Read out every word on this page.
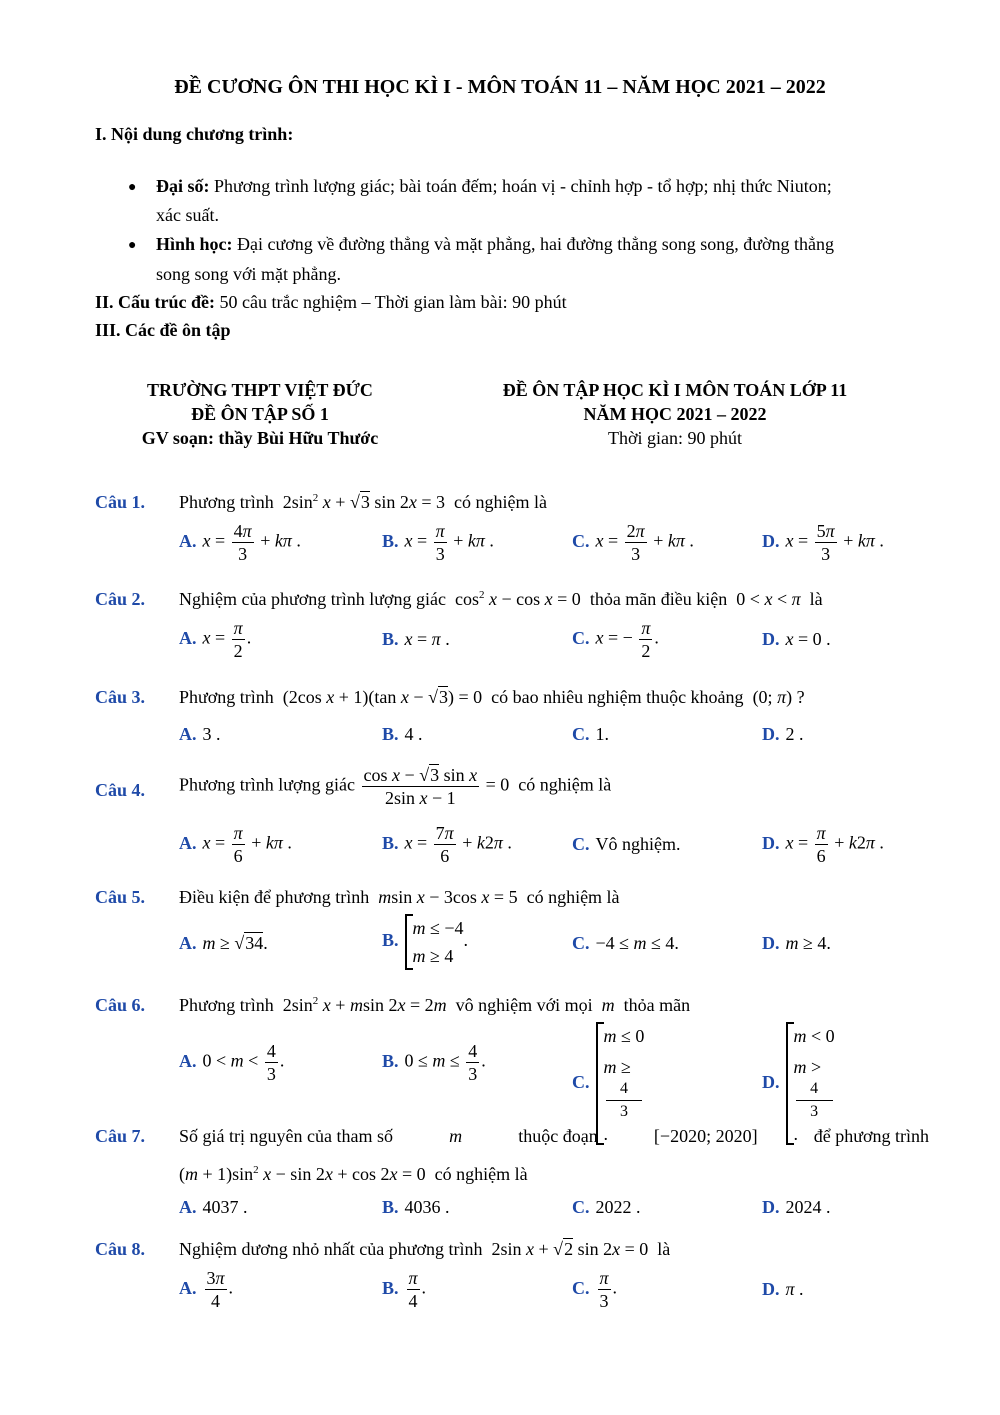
ĐỀ CƯƠNG ÔN THI HỌC KÌ I - MÔN TOÁN 11 – NĂM HỌC 2021 – 2022
I. Nội dung chương trình:
● Đại số: Phương trình lượng giác; bài toán đếm; hoán vị - chỉnh hợp - tổ hợp; nhị thức Niuton;
xác suất.
● Hình học: Đại cương về đường thẳng và mặt phẳng, hai đường thẳng song song, đường thẳng
song song với mặt phẳng.
II. Cấu trúc đề: 50 câu trắc nghiệm – Thời gian làm bài: 90 phút
III. Các đề ôn tập
TRƯỜNG THPT VIỆT ĐỨC
ĐỀ ÔN TẬP SỐ 1
GV soạn: thầy Bùi Hữu Thước
ĐỀ ÔN TẬP HỌC KÌ I MÔN TOÁN LỚP 11
NĂM HỌC 2021 – 2022
Thời gian: 90 phút
Câu 1. Phương trình  $2\sin^2$ x + √3 sin 2x = 3  có nghiệm là
A. $x = \frac{4\pi}{3} + k\pi$ .	B. $x = \frac{\pi}{3} + k\pi$ .	C. $x = \frac{2\pi}{3} + k\pi$ .	D. $x = \frac{5\pi}{3} + k\pi$ .
Câu 2. Nghiệm của phương trình lượng giác  $\cos^2 x - \cos x = 0$  thỏa mãn điều kiện  0 < x < π là
A. $x = \frac{\pi}{2}$ .	B. x = π .	C. x = − $\frac{\pi}{2}$ .	D. x = 0 .
Câu 3. Phương trình  (2cos x + 1)(tan x − √3) = 0  có bao nhiêu nghiệm thuộc khoảng  (0; π) ?
A. 3 .	B. 4 .	C. 1.	D. 2 .
Câu 4. Phương trình lượng giác $\frac{\text{cos x − √3 sin x}}{\text{2sin x − 1}} = 0$  có nghiệm là
A. $x = \frac{\pi}{6} + k\pi$ .	B. $x = \frac{7\pi}{6} + k2\pi$ .	C. Vô nghiệm.	D. $x = \frac{\pi}{6} + k2\pi$ .
Câu 5. Điều kiện để phương trình msin x − 3cos x = 5  có nghiệm là
A. m ≥ √34.	B.
m ≤ −4
m ≥ 4
.	C. −4 ≤ m ≤ 4.	D. m ≥ 4.
Câu 6. Phương trình  $2\sin^2$ x + msin 2x = 2m vô nghiệm với mọi m thỏa mãn
A. $0 < m < \frac{4}{3}$ .	B. $0 \le m \le \frac{4}{3}$ .
C.
m ≤ 0
m ≥
4
3
.
D.
m < 0
m >
4
3
.
Câu 7. Số giá trị nguyên của tham số	m	thuộc đoạn	[−2020; 2020]	để phương trình
$(m + 1)\sin^2$ x − sin 2x + cos 2x = 0  có nghiệm là
A. 4037 .	B. 4036 .	C. 2022 .	D. 2024 .
Câu 8. Nghiệm dương nhỏ nhất của phương trình  2sin x + √2 sin 2x = 0  là
A. $\frac{3\pi}{4}$ .	B. $\frac{\pi}{4}$ .	C. $\frac{\pi}{3}$ .	D. π .
